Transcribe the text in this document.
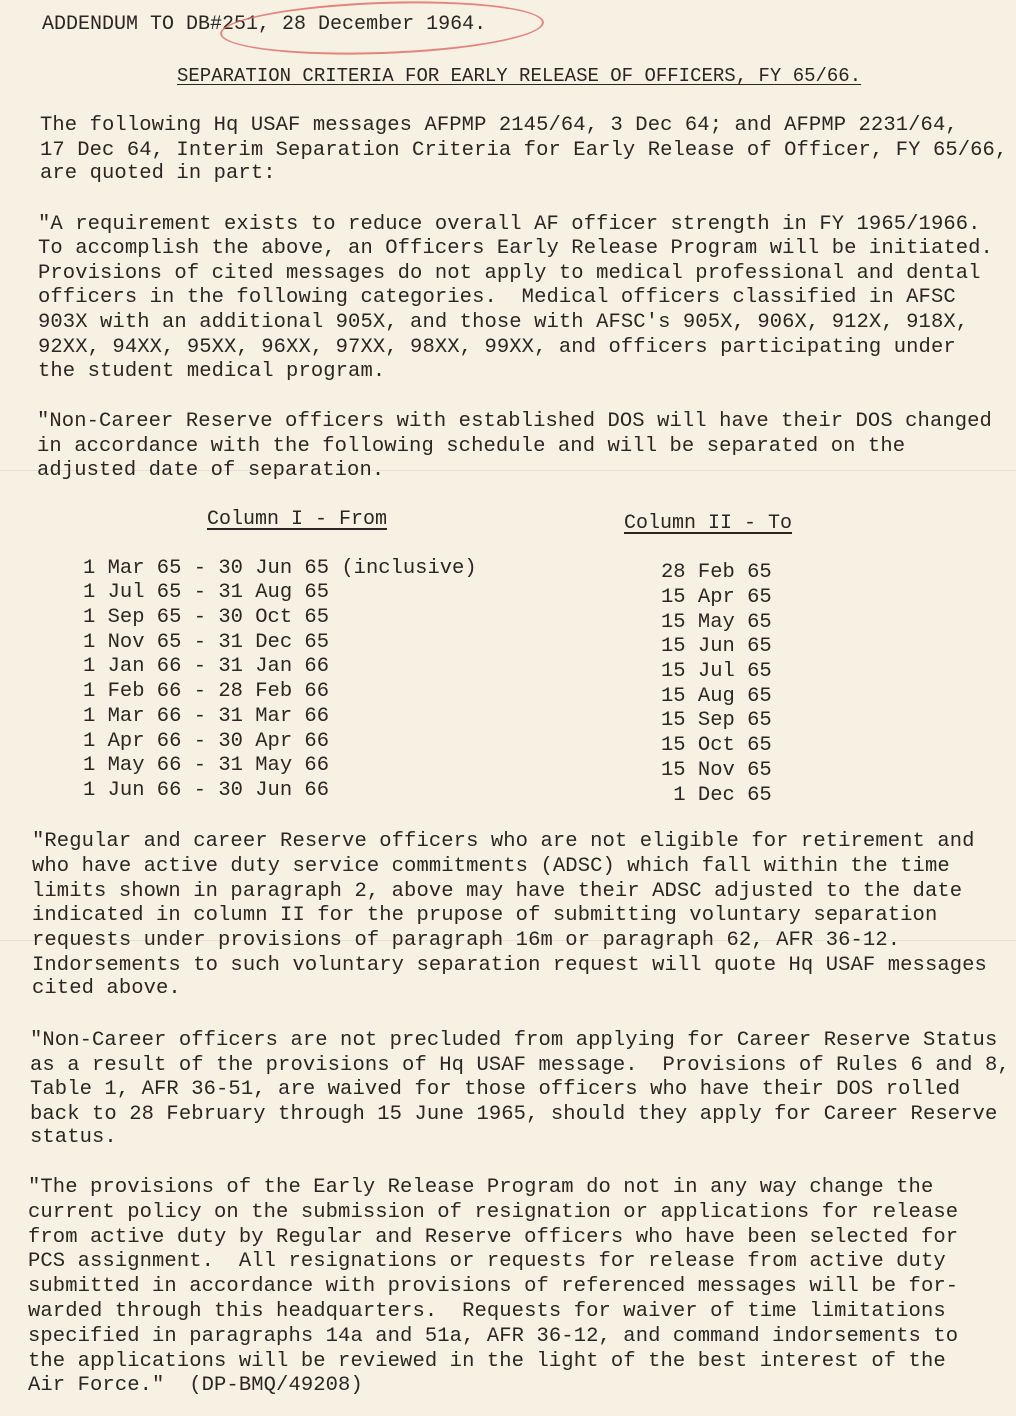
ADDENDUM TO DB#251, 28 December 1964.
SEPARATION CRITERIA FOR EARLY RELEASE OF OFFICERS, FY 65/66.
The following Hq USAF messages AFPMP 2145/64, 3 Dec 64; and AFPMP 2231/64,
17 Dec 64, Interim Separation Criteria for Early Release of Officer, FY 65/66,
are quoted in part:
"A requirement exists to reduce overall AF officer strength in FY 1965/1966.
To accomplish the above, an Officers Early Release Program will be initiated.
Provisions of cited messages do not apply to medical professional and dental
officers in the following categories.  Medical officers classified in AFSC
903X with an additional 905X, and those with AFSC's 905X, 906X, 912X, 918X,
92XX, 94XX, 95XX, 96XX, 97XX, 98XX, 99XX, and officers participating under
the student medical program.
"Non-Career Reserve officers with established DOS will have their DOS changed
in accordance with the following schedule and will be separated on the
adjusted date of separation.
Column I - From	Column II - To
1 Mar 65 - 30 Jun 65 (inclusive)
1 Jul 65 - 31 Aug 65
1 Sep 65 - 30 Oct 65
1 Nov 65 - 31 Dec 65
1 Jan 66 - 31 Jan 66
1 Feb 66 - 28 Feb 66
1 Mar 66 - 31 Mar 66
1 Apr 66 - 30 Apr 66
1 May 66 - 31 May 66
1 Jun 66 - 30 Jun 66
28 Feb 65
15 Apr 65
15 May 65
15 Jun 65
15 Jul 65
15 Aug 65
15 Sep 65
15 Oct 65
15 Nov 65
1 Dec 65
"Regular and career Reserve officers who are not eligible for retirement and
who have active duty service commitments (ADSC) which fall within the time
limits shown in paragraph 2, above may have their ADSC adjusted to the date
indicated in column II for the prupose of submitting voluntary separation
requests under provisions of paragraph 16m or paragraph 62, AFR 36-12.
Indorsements to such voluntary separation request will quote Hq USAF messages
cited above.
"Non-Career officers are not precluded from applying for Career Reserve Status
as a result of the provisions of Hq USAF message.  Provisions of Rules 6 and 8,
Table 1, AFR 36-51, are waived for those officers who have their DOS rolled
back to 28 February through 15 June 1965, should they apply for Career Reserve
status.
"The provisions of the Early Release Program do not in any way change the
current policy on the submission of resignation or applications for release
from active duty by Regular and Reserve officers who have been selected for
PCS assignment.  All resignations or requests for release from active duty
submitted in accordance with provisions of referenced messages will be for-
warded through this headquarters.  Requests for waiver of time limitations
specified in paragraphs 14a and 51a, AFR 36-12, and command indorsements to
the applications will be reviewed in the light of the best interest of the
Air Force."  (DP-BMQ/49208)
